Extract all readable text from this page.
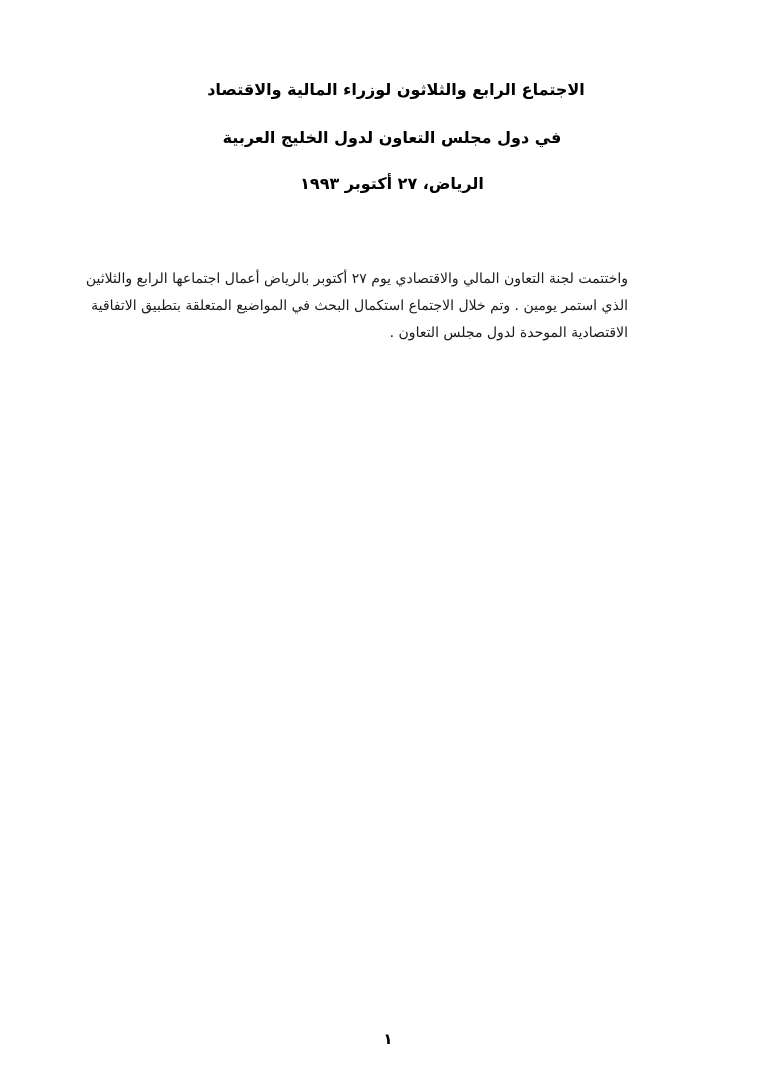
الاجتماع الرابع والثلاثون لوزراء المالية والاقتصاد
في دول مجلس التعاون لدول الخليج العربية
الرياض، ٢٧ أكتوبر ١٩٩٣
واختتمت لجنة التعاون المالي والاقتصادي يوم ٢٧ أكتوبر بالرياض أعمال اجتماعها الرابع والثلاثين
الذي استمر يومين . وتم خلال الاجتماع استكمال البحث في المواضيع المتعلقة بتطبيق الاتفاقية
الاقتصادية الموحدة لدول مجلس التعاون .
١
